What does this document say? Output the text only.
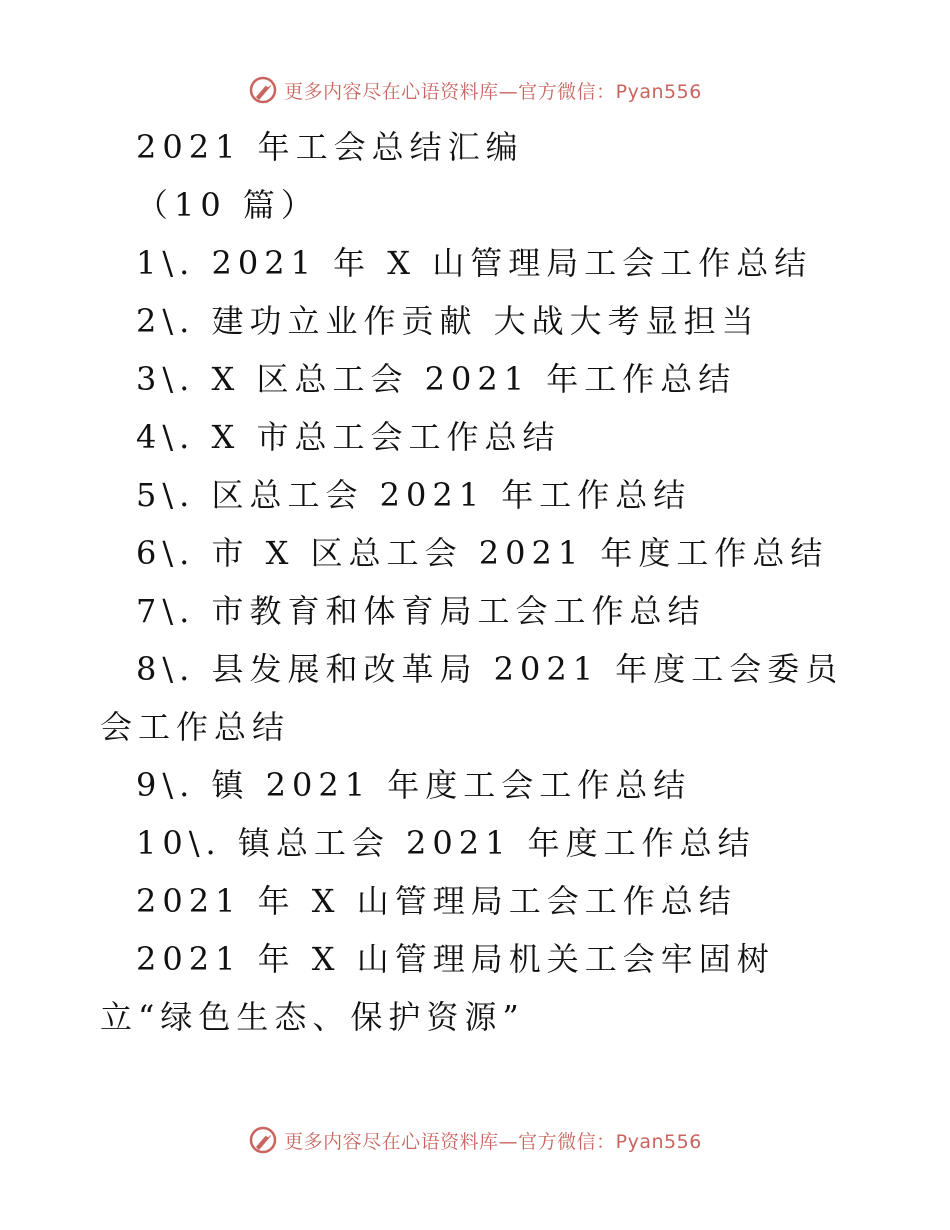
更多内容尽在心语资料库—官方微信：Pyan556

2021 年工会总结汇编

（10 篇）

1\. 2021 年 X 山管理局工会工作总结

2\. 建功立业作贡献 大战大考显担当

3\. X 区总工会 2021 年工作总结

4\. X 市总工会工作总结

5\. 区总工会 2021 年工作总结

6\. 市 X 区总工会 2021 年度工作总结

7\. 市教育和体育局工会工作总结

8\. 县发展和改革局 2021 年度工会委员会工作总结

9\. 镇 2021 年度工会工作总结

10\. 镇总工会 2021 年度工作总结

2021 年 X 山管理局工会工作总结

2021 年 X 山管理局机关工会牢固树立“绿色生态、保护资源”

更多内容尽在心语资料库—官方微信：Pyan556
